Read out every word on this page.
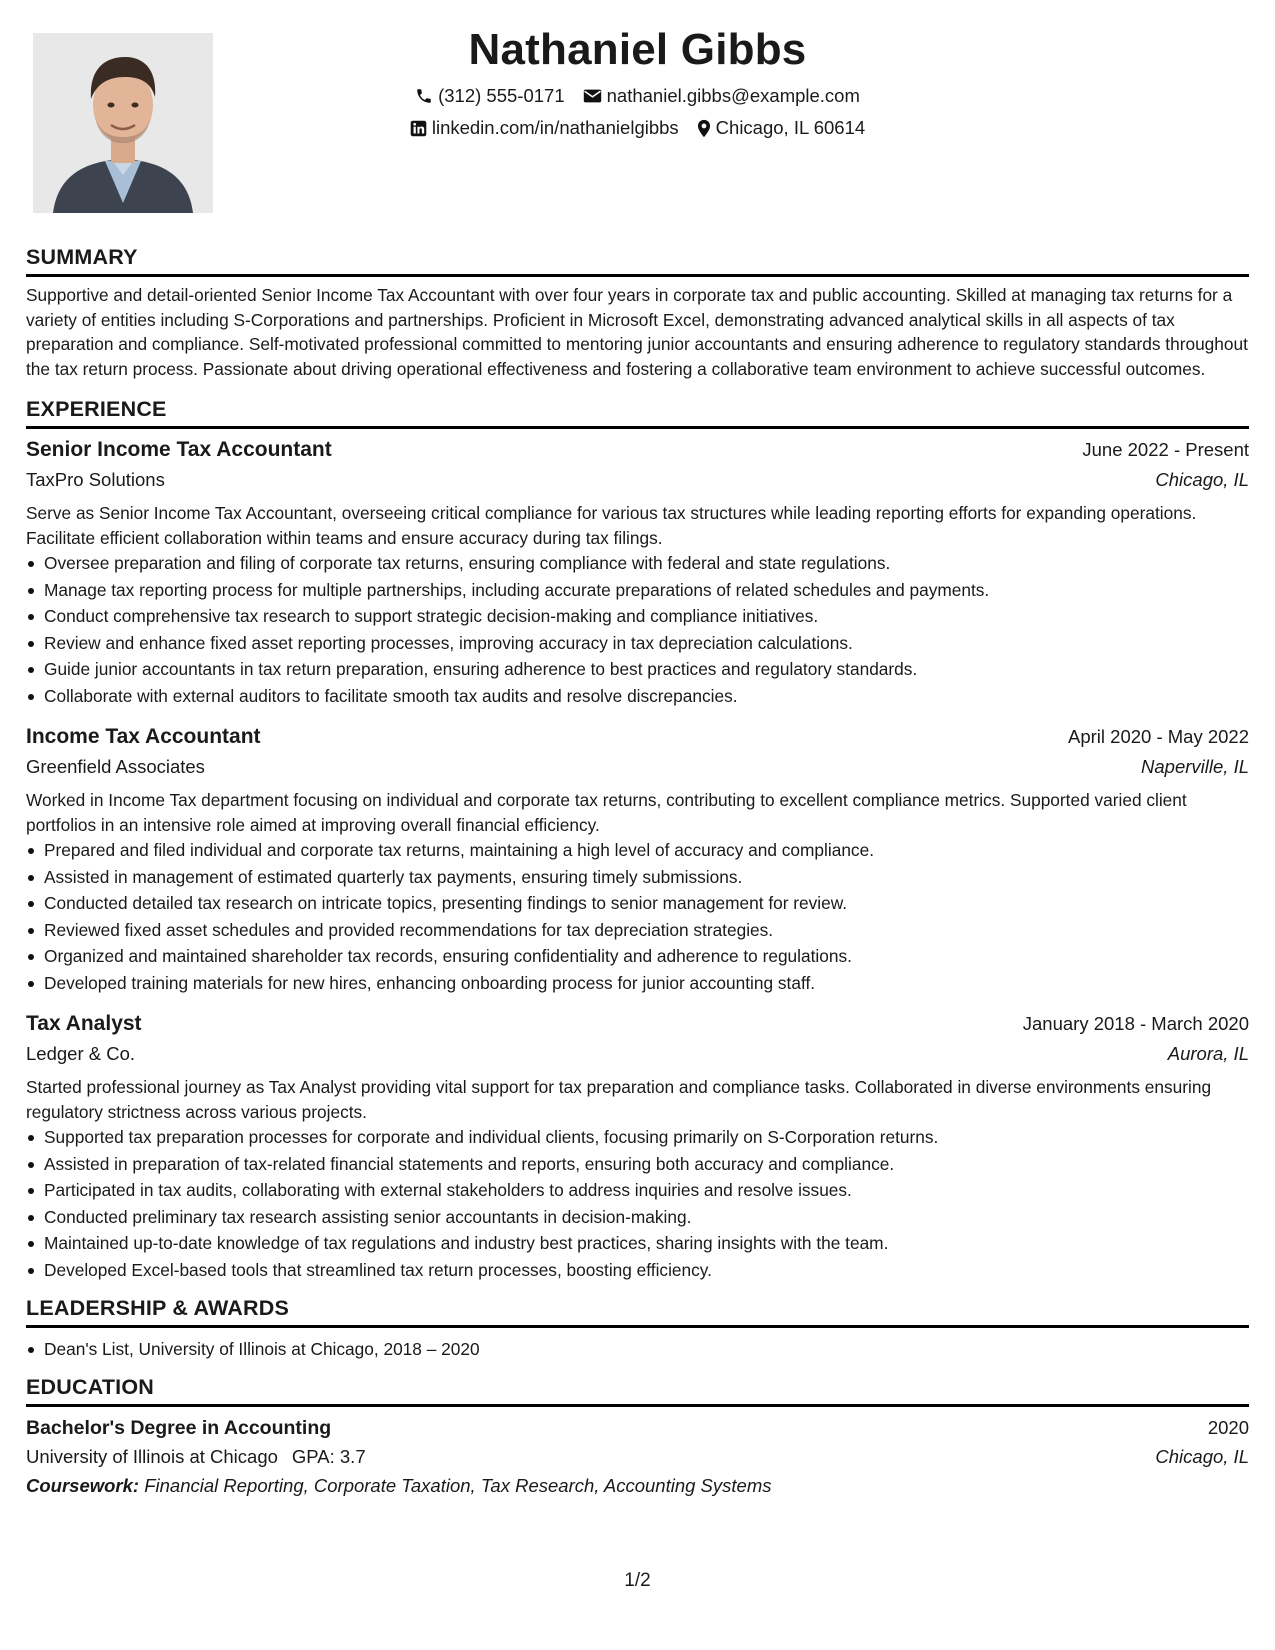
Nathaniel Gibbs
(312) 555-0171 nathaniel.gibbs@example.com
linkedin.com/in/nathanielgibbs Chicago, IL 60614
SUMMARY

Supportive and detail-oriented Senior Income Tax Accountant with over four years in corporate tax and public accounting. Skilled at managing tax returns for a variety of entities including S-Corporations and partnerships. Proficient in Microsoft Excel, demonstrating advanced analytical skills in all aspects of tax preparation and compliance. Self-motivated professional committed to mentoring junior accountants and ensuring adherence to regulatory standards throughout the tax return process. Passionate about driving operational effectiveness and fostering a collaborative team environment to achieve successful outcomes.

EXPERIENCE
Senior Income Tax Accountant	June 2022 - Present
TaxPro Solutions	Chicago, IL

Serve as Senior Income Tax Accountant, overseeing critical compliance for various tax structures while leading reporting efforts for expanding operations. Facilitate efficient collaboration within teams and ensure accuracy during tax filings.

Oversee preparation and filing of corporate tax returns, ensuring compliance with federal and state regulations.
Manage tax reporting process for multiple partnerships, including accurate preparations of related schedules and payments.
Conduct comprehensive tax research to support strategic decision-making and compliance initiatives.
Review and enhance fixed asset reporting processes, improving accuracy in tax depreciation calculations.
Guide junior accountants in tax return preparation, ensuring adherence to best practices and regulatory standards.
Collaborate with external auditors to facilitate smooth tax audits and resolve discrepancies.
Income Tax Accountant	April 2020 - May 2022
Greenfield Associates	Naperville, IL

Worked in Income Tax department focusing on individual and corporate tax returns, contributing to excellent compliance metrics. Supported varied client portfolios in an intensive role aimed at improving overall financial efficiency.

Prepared and filed individual and corporate tax returns, maintaining a high level of accuracy and compliance.
Assisted in management of estimated quarterly tax payments, ensuring timely submissions.
Conducted detailed tax research on intricate topics, presenting findings to senior management for review.
Reviewed fixed asset schedules and provided recommendations for tax depreciation strategies.
Organized and maintained shareholder tax records, ensuring confidentiality and adherence to regulations.
Developed training materials for new hires, enhancing onboarding process for junior accounting staff.
Tax Analyst	January 2018 - March 2020
Ledger & Co.	Aurora, IL

Started professional journey as Tax Analyst providing vital support for tax preparation and compliance tasks. Collaborated in diverse environments ensuring regulatory strictness across various projects.

Supported tax preparation processes for corporate and individual clients, focusing primarily on S-Corporation returns.
Assisted in preparation of tax-related financial statements and reports, ensuring both accuracy and compliance.
Participated in tax audits, collaborating with external stakeholders to address inquiries and resolve issues.
Conducted preliminary tax research assisting senior accountants in decision-making.
Maintained up-to-date knowledge of tax regulations and industry best practices, sharing insights with the team.
Developed Excel-based tools that streamlined tax return processes, boosting efficiency.
LEADERSHIP & AWARDS
Dean's List, University of Illinois at Chicago, 2018 – 2020
EDUCATION
Bachelor's Degree in Accounting	2020
University of Illinois at Chicago GPA: 3.7	Chicago, IL
Coursework: Financial Reporting, Corporate Taxation, Tax Research, Accounting Systems
1/2
